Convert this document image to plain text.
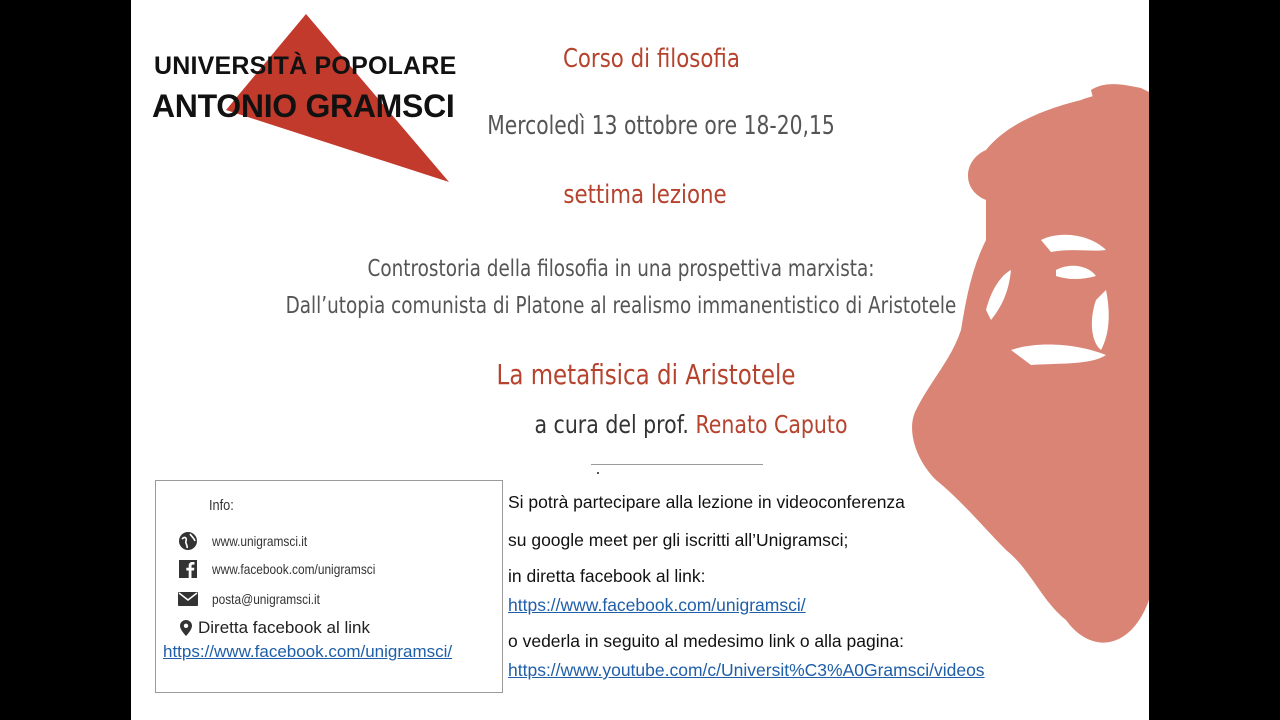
UNIVERSITÀ POPOLARE
ANTONIO GRAMSCI
Corso di filosofia
Mercoledì 13 ottobre ore 18-20,15
settima lezione
Controstoria della filosofia in una prospettiva marxista:
Dall’utopia comunista di Platone al realismo immanentistico di Aristotele
La metafisica di Aristotele
a cura del prof. Renato Caputo
Info:
www.unigramsci.it
www.facebook.com/unigramsci
posta@unigramsci.it
Diretta facebook al link
https://www.facebook.com/unigramsci/
Si potrà partecipare alla lezione in videoconferenza
su google meet per gli iscritti all’Unigramsci;
in diretta facebook al link:
https://www.facebook.com/unigramsci/
o vederla in seguito al medesimo link o alla pagina:
https://www.youtube.com/c/Universit%C3%A0Gramsci/videos
